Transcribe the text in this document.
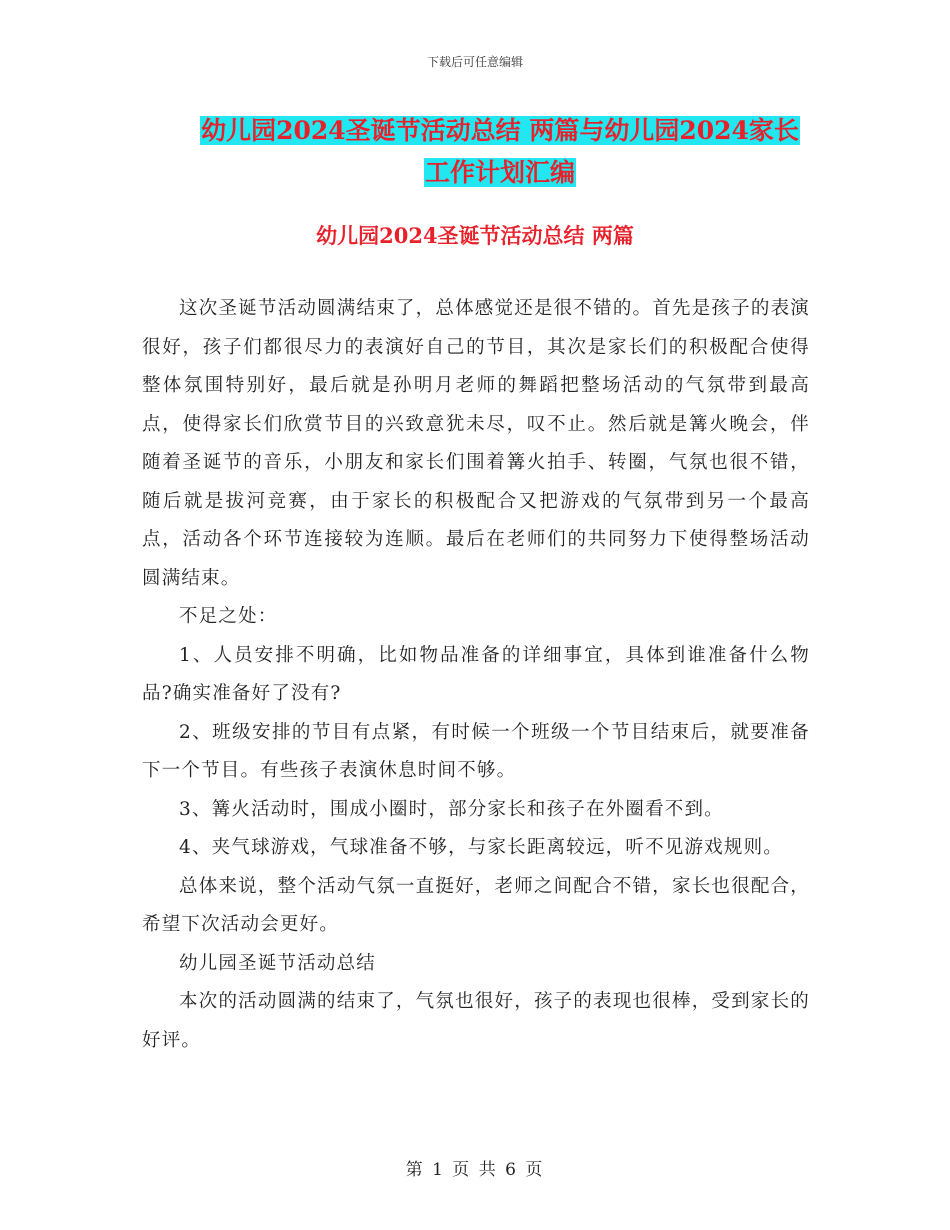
下载后可任意编辑
幼儿园2024圣诞节活动总结 两篇与幼儿园2024家长
工作计划汇编
幼儿园2024圣诞节活动总结 两篇

这次圣诞节活动圆满结束了，总体感觉还是很不错的。首先是孩子的表演很好，孩子们都很尽力的表演好自己的节目，其次是家长们的积极配合使得整体氛围特别好，最后就是孙明月老师的舞蹈把整场活动的气氛带到最高点，使得家长们欣赏节目的兴致意犹未尽，叹不止。然后就是篝火晚会，伴随着圣诞节的音乐，小朋友和家长们围着篝火拍手、转圈，气氛也很不错，随后就是拔河竞赛，由于家长的积极配合又把游戏的气氛带到另一个最高点，活动各个环节连接较为连顺。最后在老师们的共同努力下使得整场活动圆满结束。

不足之处：

1、人员安排不明确，比如物品准备的详细事宜，具体到谁准备什么物品?确实准备好了没有?

2、班级安排的节目有点紧，有时候一个班级一个节目结束后，就要准备下一个节目。有些孩子表演休息时间不够。

3、篝火活动时，围成小圈时，部分家长和孩子在外圈看不到。

4、夹气球游戏，气球准备不够，与家长距离较远，听不见游戏规则。

总体来说，整个活动气氛一直挺好，老师之间配合不错，家长也很配合，希望下次活动会更好。

幼儿园圣诞节活动总结

本次的活动圆满的结束了，气氛也很好，孩子的表现也很棒，受到家长的好评。

第 1 页 共 6 页
